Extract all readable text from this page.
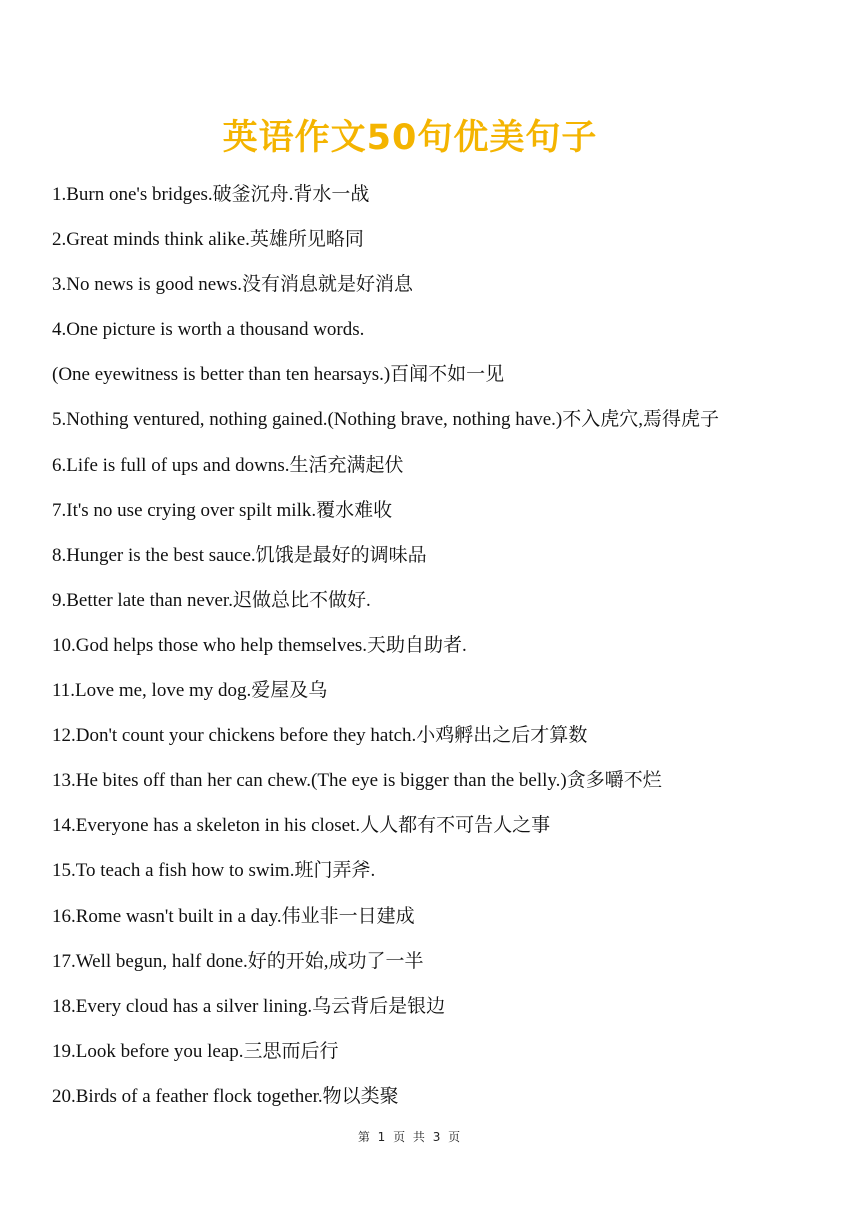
英语作文50句优美句子
1.Burn one's bridges.破釜沉舟.背水一战
2.Great minds think alike.英雄所见略同
3.No news is good news.没有消息就是好消息
4.One picture is worth a thousand words.
(One eyewitness is better than ten hearsays.)百闻不如一见
5.Nothing ventured, nothing gained.(Nothing brave, nothing have.)不入虎穴,焉得虎子
6.Life is full of ups and downs.生活充满起伏
7.It's no use crying over spilt milk.覆水难收
8.Hunger is the best sauce.饥饿是最好的调味品
9.Better late than never.迟做总比不做好.
10.God helps those who help themselves.天助自助者.
11.Love me, love my dog.爱屋及乌
12.Don't count your chickens before they hatch.小鸡孵出之后才算数
13.He bites off than her can chew.(The eye is bigger than the belly.)贪多嚼不烂
14.Everyone has a skeleton in his closet.人人都有不可告人之事
15.To teach a fish how to swim.班门弄斧.
16.Rome wasn't built in a day.伟业非一日建成
17.Well begun, half done.好的开始,成功了一半
18.Every cloud has a silver lining.乌云背后是银边
19.Look before you leap.三思而后行
20.Birds of a feather flock together.物以类聚
第 1 页 共 3 页
